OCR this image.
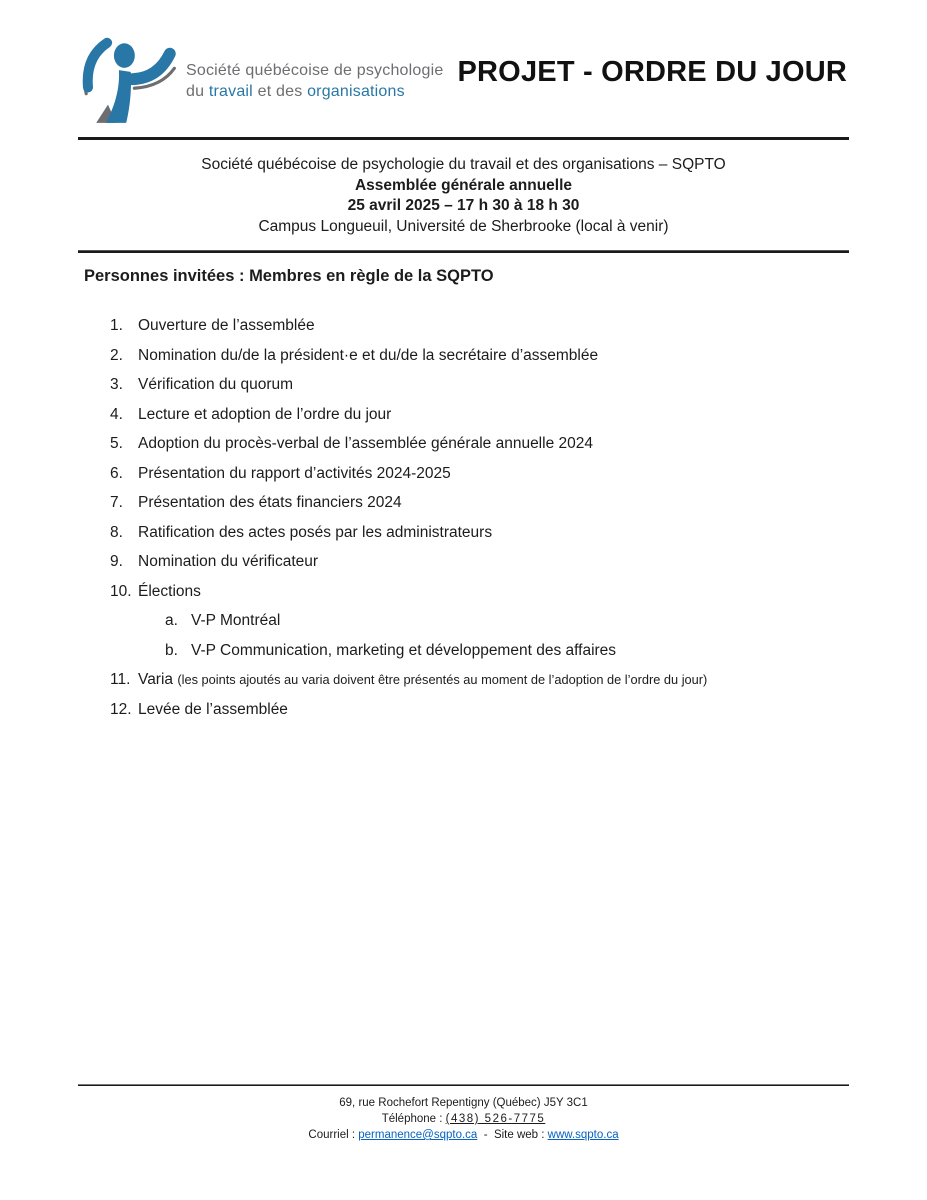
Société québécoise de psychologie
du travail et des organisations
PROJET - ORDRE DU JOUR
Société québécoise de psychologie du travail et des organisations – SQPTO
Assemblée générale annuelle
25 avril 2025 – 17 h 30 à 18 h 30
Campus Longueuil, Université de Sherbrooke (local à venir)
Personnes invitées : Membres en règle de la SQPTO
1. Ouverture de l’assemblée
2. Nomination du/de la président·e et du/de la secrétaire d’assemblée
3. Vérification du quorum
4. Lecture et adoption de l’ordre du jour
5. Adoption du procès-verbal de l’assemblée générale annuelle 2024
6. Présentation du rapport d’activités 2024-2025
7. Présentation des états financiers 2024
8. Ratification des actes posés par les administrateurs
9. Nomination du vérificateur
10. Élections
a. V-P Montréal
b. V-P Communication, marketing et développement des affaires
11. Varia (les points ajoutés au varia doivent être présentés au moment de l’adoption de l’ordre du jour)
12. Levée de l’assemblée
69, rue Rochefort Repentigny (Québec) J5Y 3C1
Téléphone : (438) 526-7775
Courriel : permanence@sqpto.ca  -  Site web : www.sqpto.ca
